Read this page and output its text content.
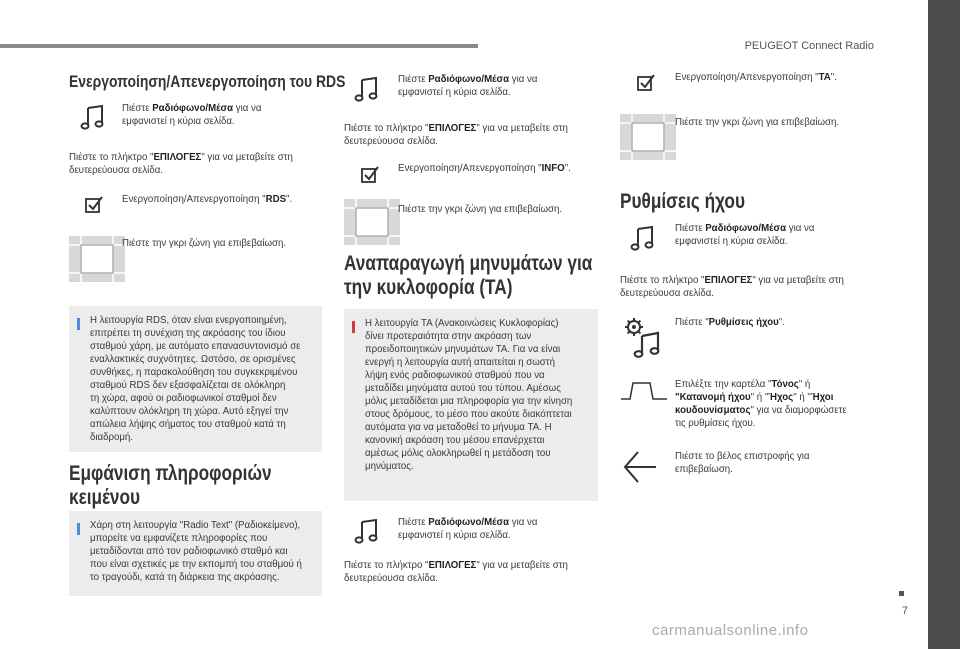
PEUGEOT Connect Radio
7
carmanualsonline.info
Ενεργοποίηση/Απενεργοποίηση του RDS
Πιέστε Ραδιόφωνο/Μέσα για να
εμφανιστεί η κύρια σελίδα.
Πιέστε το πλήκτρο "ΕΠΙΛΟΓΕΣ" για να μεταβείτε στη
δευτερεύουσα σελίδα.
Ενεργοποίηση/Απενεργοποίηση "RDS".
Πιέστε την γκρι ζώνη για επιβεβαίωση.
Η λειτουργία RDS, όταν είναι ενεργοποιημένη,
επιτρέπει τη συνέχιση της ακρόασης του ίδιου
σταθμού χάρη, με αυτόματο επανασυντονισμό σε
εναλλακτικές συχνότητες. Ωστόσο, σε ορισμένες
συνθήκες, η παρακολούθηση του συγκεκριμένου
σταθμού RDS δεν εξασφαλίζεται σε ολόκληρη
τη χώρα, αφού οι ραδιοφωνικοί σταθμοί δεν
καλύπτουν ολόκληρη τη χώρα. Αυτό εξηγεί την
απώλεια λήψης σήματος του σταθμού κατά τη
διαδρομή.
Εμφάνιση πληροφοριών
κειμένου
Χάρη στη λειτουργία "Radio Text" (Ραδιοκείμενο),
μπορείτε να εμφανίζετε πληροφορίες που
μεταδίδονται από τον ραδιοφωνικό σταθμό και
που είναι σχετικές με την εκπομπή του σταθμού ή
το τραγούδι, κατά τη διάρκεια της ακρόασης.
Πιέστε Ραδιόφωνο/Μέσα για να
εμφανιστεί η κύρια σελίδα.
Πιέστε το πλήκτρο "ΕΠΙΛΟΓΕΣ" για να μεταβείτε στη
δευτερεύουσα σελίδα.
Ενεργοποίηση/Απενεργοποίηση "INFO".
Πιέστε την γκρι ζώνη για επιβεβαίωση.
Αναπαραγωγή μηνυμάτων για
την κυκλοφορία (TA)
Η λειτουργία TA (Ανακοινώσεις Κυκλοφορίας)
δίνει προτεραιότητα στην ακρόαση των
προειδοποιητικών μηνυμάτων TA. Για να είναι
ενεργή η λειτουργία αυτή απαιτείται η σωστή
λήψη ενός ραδιοφωνικού σταθμού που να
μεταδίδει μηνύματα αυτού του τύπου. Αμέσως
μόλις μεταδίδεται μια πληροφορία για την κίνηση
στους δρόμους, το μέσο που ακούτε διακόπτεται
αυτόματα για να μεταδοθεί το μήνυμα TA. Η
κανονική ακρόαση του μέσου επανέρχεται
αμέσως μόλις ολοκληρωθεί η μετάδοση του
μηνύματος.
Πιέστε Ραδιόφωνο/Μέσα για να
εμφανιστεί η κύρια σελίδα.
Πιέστε το πλήκτρο "ΕΠΙΛΟΓΕΣ" για να μεταβείτε στη
δευτερεύουσα σελίδα.
Ενεργοποίηση/Απενεργοποίηση "TA".
Πιέστε την γκρι ζώνη για επιβεβαίωση.
Ρυθμίσεις ήχου
Πιέστε Ραδιόφωνο/Μέσα για να
εμφανιστεί η κύρια σελίδα.
Πιέστε το πλήκτρο "ΕΠΙΛΟΓΕΣ" για να μεταβείτε στη
δευτερεύουσα σελίδα.
Πιέστε "Ρυθμίσεις ήχου".
Επιλέξτε την καρτέλα "Τόνος" ή
"Κατανομή ήχου" ή "Ήχος" ή "Ήχοι
κουδουνίσματος" για να διαμορφώσετε
τις ρυθμίσεις ήχου.
Πιέστε το βέλος επιστροφής για
επιβεβαίωση.
